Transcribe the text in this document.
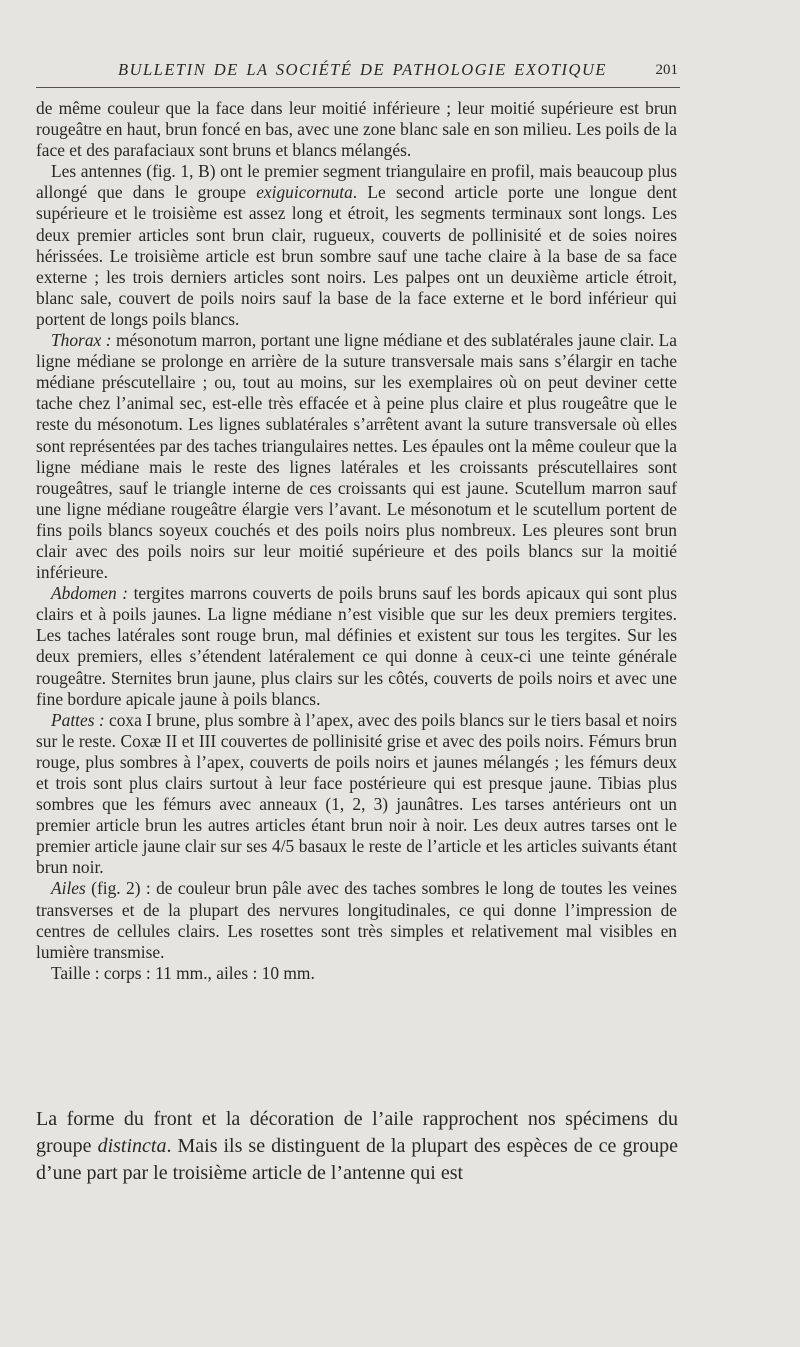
BULLETIN DE LA SOCIÉTÉ DE PATHOLOGIE EXOTIQUE	201

de même couleur que la face dans leur moitié inférieure ; leur moitié supérieure est brun rougeâtre en haut, brun foncé en bas, avec une zone blanc sale en son milieu. Les poils de la face et des parafaciaux sont bruns et blancs mélangés.

Les antennes (fig. 1, B) ont le premier segment triangulaire en profil, mais beaucoup plus allongé que dans le groupe exiguicornuta. Le second article porte une longue dent supérieure et le troisième est assez long et étroit, les segments terminaux sont longs. Les deux premier articles sont brun clair, rugueux, couverts de pollinisité et de soies noires hérissées. Le troisième article est brun sombre sauf une tache claire à la base de sa face externe ; les trois derniers articles sont noirs. Les palpes ont un deuxième article étroit, blanc sale, couvert de poils noirs sauf la base de la face externe et le bord inférieur qui portent de longs poils blancs.

Thorax : mésonotum marron, portant une ligne médiane et des sublatérales jaune clair. La ligne médiane se prolonge en arrière de la suture transversale mais sans s’élargir en tache médiane préscutellaire ; ou, tout au moins, sur les exemplaires où on peut deviner cette tache chez l’animal sec, est-elle très effacée et à peine plus claire et plus rougeâtre que le reste du mésonotum. Les lignes sublatérales s’arrêtent avant la suture transversale où elles sont représentées par des taches triangulaires nettes. Les épaules ont la même couleur que la ligne médiane mais le reste des lignes latérales et les croissants préscutellaires sont rougeâtres, sauf le triangle interne de ces croissants qui est jaune. Scutellum marron sauf une ligne médiane rougeâtre élargie vers l’avant. Le mésonotum et le scutellum portent de fins poils blancs soyeux couchés et des poils noirs plus nombreux. Les pleures sont brun clair avec des poils noirs sur leur moitié supérieure et des poils blancs sur la moitié inférieure.

Abdomen : tergites marrons couverts de poils bruns sauf les bords apicaux qui sont plus clairs et à poils jaunes. La ligne médiane n’est visible que sur les deux premiers tergites. Les taches latérales sont rouge brun, mal définies et existent sur tous les tergites. Sur les deux premiers, elles s’étendent latéralement ce qui donne à ceux-ci une teinte générale rougeâtre. Sternites brun jaune, plus clairs sur les côtés, couverts de poils noirs et avec une fine bordure apicale jaune à poils blancs.

Pattes : coxa I brune, plus sombre à l’apex, avec des poils blancs sur le tiers basal et noirs sur le reste. Coxæ II et III couvertes de pollinisité grise et avec des poils noirs. Fémurs brun rouge, plus sombres à l’apex, couverts de poils noirs et jaunes mélangés ; les fémurs deux et trois sont plus clairs surtout à leur face postérieure qui est presque jaune. Tibias plus sombres que les fémurs avec anneaux (1, 2, 3) jaunâtres. Les tarses antérieurs ont un premier article brun les autres articles étant brun noir à noir. Les deux autres tarses ont le premier article jaune clair sur ses 4/5 basaux le reste de l’article et les articles suivants étant brun noir.

Ailes (fig. 2) : de couleur brun pâle avec des taches sombres le long de toutes les veines transverses et de la plupart des nervures longitudinales, ce qui donne l’impression de centres de cellules clairs. Les rosettes sont très simples et relativement mal visibles en lumière transmise.

Taille : corps : 11 mm., ailes : 10 mm.

La forme du front et la décoration de l’aile rapprochent nos spécimens du groupe distincta. Mais ils se distinguent de la plupart des espèces de ce groupe d’une part par le troisième article de l’antenne qui est
